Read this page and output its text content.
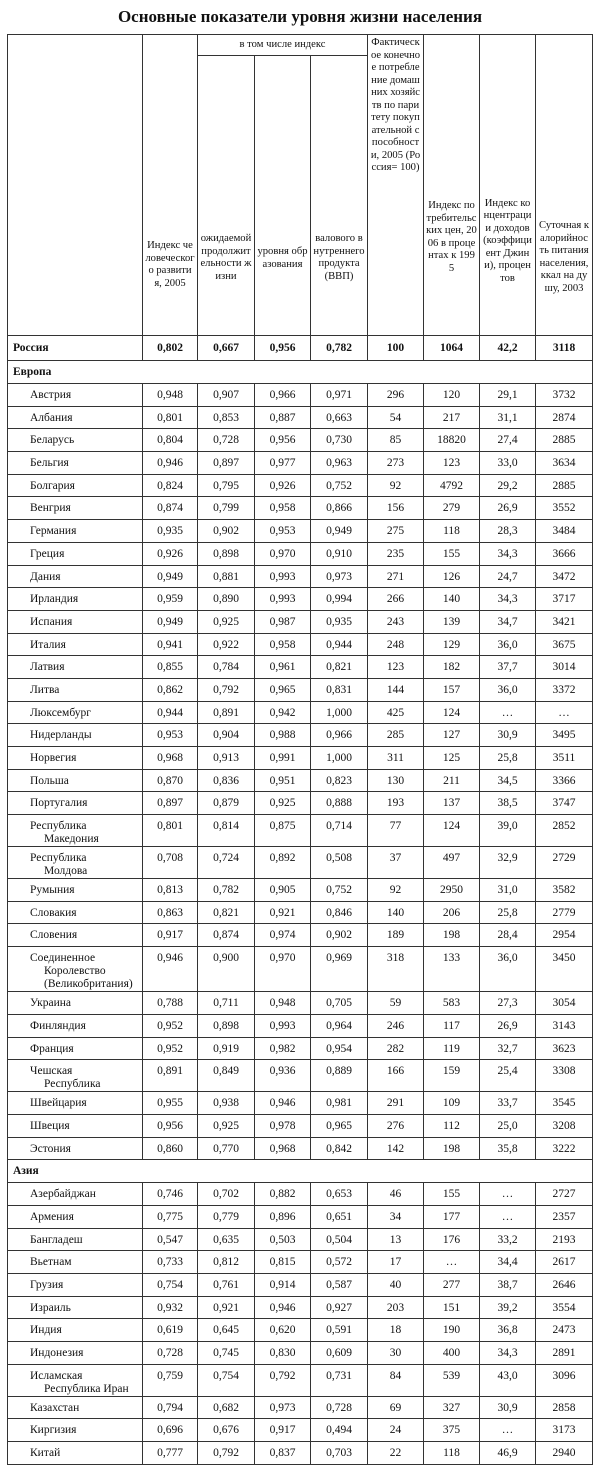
Основные показатели уровня жизни населения
	Индекс человеческого развития, 2005	в том числе индекс			Фактическое конечное потребление домашних хозяйств по паритету покупательной способности, 2005 (Россия= 100)	Индекс потребительских цен, 2006 в процентах к 1995	Индекс концентрации доходов (коэффициент Джини), процентов	Суточная калорийность питания населения, ккал на душу, 2003
		ожидаемой продолжительности жизни	уровня образования	валового внутреннего продукта (ВВП)				
Россия	0,802	0,667	0,956	0,782	100	1064	42,2	3118
Европа								

Австрия	0,948	0,907	0,966	0,971	296	120	29,1	3732

Албания	0,801	0,853	0,887	0,663	54	217	31,1	2874

Беларусь	0,804	0,728	0,956	0,730	85	18820	27,4	2885

Бельгия	0,946	0,897	0,977	0,963	273	123	33,0	3634

Болгария	0,824	0,795	0,926	0,752	92	4792	29,2	2885

Венгрия	0,874	0,799	0,958	0,866	156	279	26,9	3552

Германия	0,935	0,902	0,953	0,949	275	118	28,3	3484

Греция	0,926	0,898	0,970	0,910	235	155	34,3	3666

Дания	0,949	0,881	0,993	0,973	271	126	24,7	3472

Ирландия	0,959	0,890	0,993	0,994	266	140	34,3	3717

Испания	0,949	0,925	0,987	0,935	243	139	34,7	3421

Италия	0,941	0,922	0,958	0,944	248	129	36,0	3675

Латвия	0,855	0,784	0,961	0,821	123	182	37,7	3014

Литва	0,862	0,792	0,965	0,831	144	157	36,0	3372

Люксембург	0,944	0,891	0,942	1,000	425	124	…	…

Нидерланды	0,953	0,904	0,988	0,966	285	127	30,9	3495

Норвегия	0,968	0,913	0,991	1,000	311	125	25,8	3511

Польша	0,870	0,836	0,951	0,823	130	211	34,5	3366

Португалия	0,897	0,879	0,925	0,888	193	137	38,5	3747

Республика
Македония	0,801	0,814	0,875	0,714	77	124	39,0	2852

Республика
Молдова	0,708	0,724	0,892	0,508	37	497	32,9	2729

Румыния	0,813	0,782	0,905	0,752	92	2950	31,0	3582

Словакия	0,863	0,821	0,921	0,846	140	206	25,8	2779

Словения	0,917	0,874	0,974	0,902	189	198	28,4	2954

Соединенное
Королевство (Великобритания)	0,946	0,900	0,970	0,969	318	133	36,0	3450

Украина	0,788	0,711	0,948	0,705	59	583	27,3	3054

Финляндия	0,952	0,898	0,993	0,964	246	117	26,9	3143

Франция	0,952	0,919	0,982	0,954	282	119	32,7	3623

Чешская
Республика	0,891	0,849	0,936	0,889	166	159	25,4	3308

Швейцария	0,955	0,938	0,946	0,981	291	109	33,7	3545

Швеция	0,956	0,925	0,978	0,965	276	112	25,0	3208

Эстония	0,860	0,770	0,968	0,842	142	198	35,8	3222
Азия								

Азербайджан	0,746	0,702	0,882	0,653	46	155	…	2727

Армения	0,775	0,779	0,896	0,651	34	177	…	2357

Бангладеш	0,547	0,635	0,503	0,504	13	176	33,2	2193

Вьетнам	0,733	0,812	0,815	0,572	17	…	34,4	2617

Грузия	0,754	0,761	0,914	0,587	40	277	38,7	2646

Израиль	0,932	0,921	0,946	0,927	203	151	39,2	3554

Индия	0,619	0,645	0,620	0,591	18	190	36,8	2473

Индонезия	0,728	0,745	0,830	0,609	30	400	34,3	2891

Исламская
Республика Иран	0,759	0,754	0,792	0,731	84	539	43,0	3096

Казахстан	0,794	0,682	0,973	0,728	69	327	30,9	2858

Киргизия	0,696	0,676	0,917	0,494	24	375	…	3173

Китай	0,777	0,792	0,837	0,703	22	118	46,9	2940
